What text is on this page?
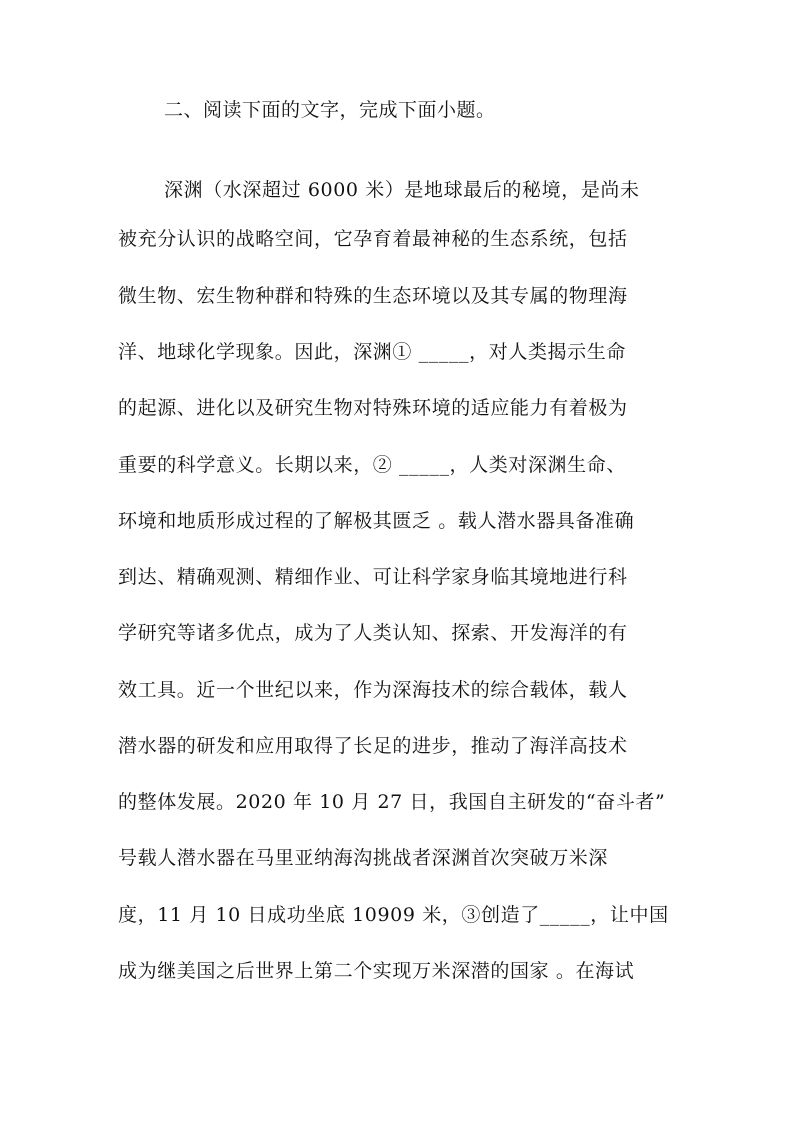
二、阅读下面的文字，完成下面小题。
深渊（水深超过 6000 米）是地球最后的秘境，是尚未
被充分认识的战略空间，它孕育着最神秘的生态系统，包括
微生物、宏生物种群和特殊的生态环境以及其专属的物理海
洋、地球化学现象。因此，深渊① _____，对人类揭示生命
的起源、进化以及研究生物对特殊环境的适应能力有着极为
重要的科学意义。长期以来，② _____，人类对深渊生命、
环境和地质形成过程的了解极其匮乏 。载人潜水器具备准确
到达、精确观测、精细作业、可让科学家身临其境地进行科
学研究等诸多优点，成为了人类认知、探索、开发海洋的有
效工具。近一个世纪以来，作为深海技术的综合载体，载人
潜水器的研发和应用取得了长足的进步，推动了海洋高技术
的整体发展。2020 年 10 月 27 日，我国自主研发的“奋斗者”
号载人潜水器在马里亚纳海沟挑战者深渊首次突破万米深
度，11 月 10 日成功坐底 10909 米，③创造了_____，让中国
成为继美国之后世界上第二个实现万米深潜的国家 。在海试
